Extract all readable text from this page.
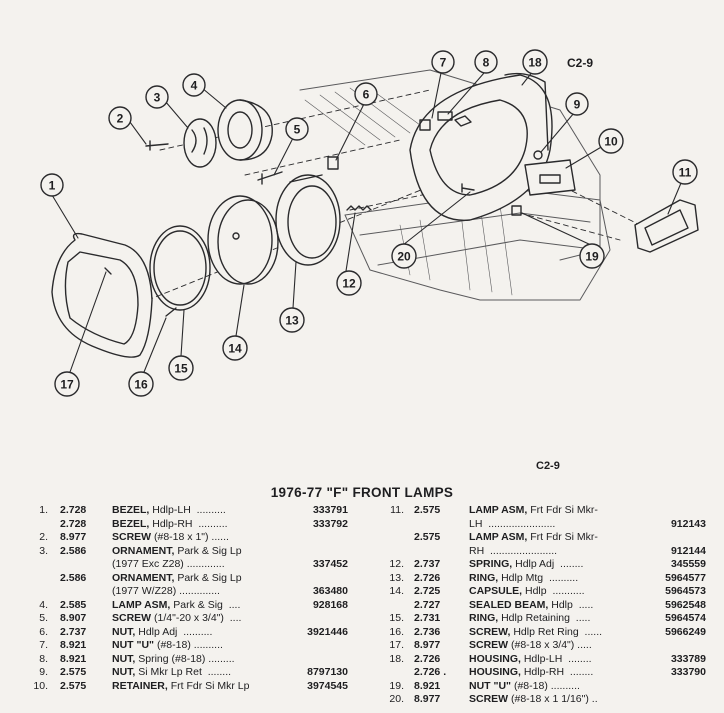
1
2
3
4
5
6
7	8	18
9
10
11
12
13
14
15
16
17
19
20
C2-9
C2-9
1976-77 "F" FRONT LAMPS
1. 2.728 BEZEL, Hdlp-LH  ..........	333791
2.728 BEZEL, Hdlp-RH  ..........	333792
2. 8.977 SCREW (#8-18 x 1") ......
3. 2.586 ORNAMENT, Park & Sig Lp
(1977 Exc Z28) .............	337452
2.586 ORNAMENT, Park & Sig Lp
(1977 W/Z28) ..............	363480
4. 2.585 LAMP ASM, Park & Sig  ....	928168
5. 8.907 SCREW (1/4"-20 x 3/4")  ....
6. 2.737 NUT, Hdlp Adj  ..........	3921446
7. 8.921 NUT "U" (#8-18) ..........
8. 8.921 NUT, Spring (#8-18) .........
9. 2.575 NUT, Si Mkr Lp Ret  ........	8797130
10. 2.575 RETAINER, Frt Fdr Si Mkr Lp	3974545
11. 2.575	LAMP ASM, Frt Fdr Si Mkr-
LH  .......................	912143
2.575	LAMP ASM, Frt Fdr Si Mkr-
RH  .......................	912144
12. 2.737	SPRING, Hdlp Adj  ........	345559
13. 2.726	RING, Hdlp Mtg  ..........	5964577
14. 2.725	CAPSULE, Hdlp  ...........	5964573
2.727	SEALED BEAM, Hdlp  .....	5962548
15. 2.731	RING, Hdlp Retaining  .....	5964574
16. 2.736	SCREW, Hdlp Ret Ring  ......	5966249
17. 8.977	SCREW (#8-18 x 3/4") .....
18. 2.726	HOUSING, Hdlp-LH  ........	333789
2.726 . HOUSING, Hdlp-RH  ........	333790
19. 8.921	NUT "U" (#8-18) ..........
20. 8.977	SCREW (#8-18 x 1 1/16") ..
